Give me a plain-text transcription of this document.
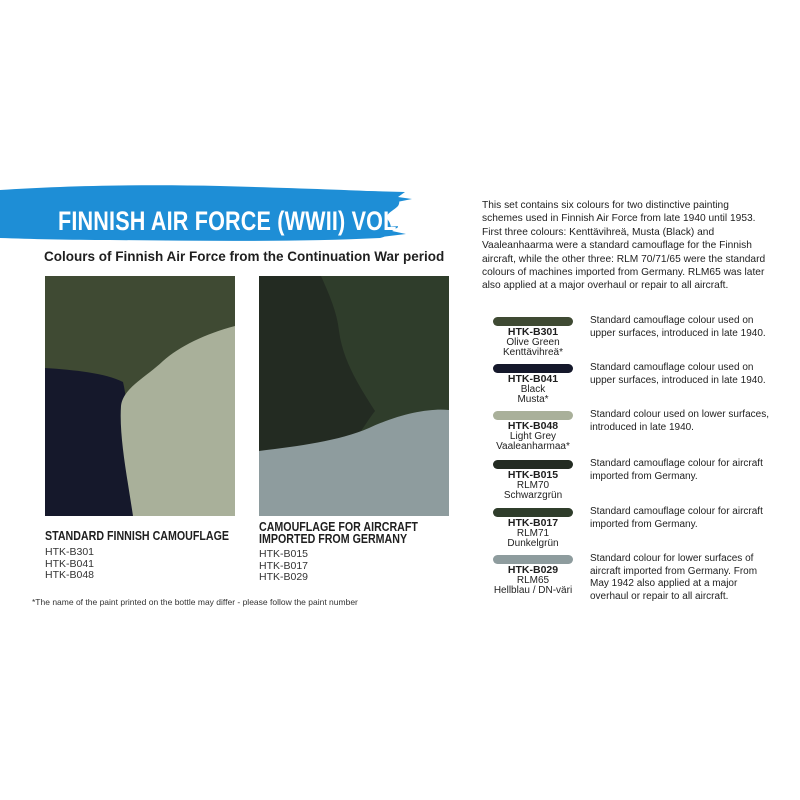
FINNISH AIR FORCE (WWII) VOL.2

Colours of Finnish Air Force from the Continuation War period

STANDARD FINNISH CAMOUFLAGE

HTK-B301
HTK-B041
HTK-B048

CAMOUFLAGE FOR AIRCRAFT IMPORTED FROM GERMANY

HTK-B015
HTK-B017
HTK-B029

*The name of the paint printed on the bottle may differ - please follow the paint number

This set contains six colours for two distinctive painting schemes used in Finnish Air Force from late 1940 until 1953. First three colours: Kenttävihreä, Musta (Black) and Vaaleanhaarma were a standard camouflage for the Finnish aircraft, while the other three: RLM 70/71/65 were the standard colours of machines imported from Germany. RLM65 was later also applied at a major overhaul or repair to all aircraft.

HTK-B301
Olive Green
Kenttävihreä*
Standard camouflage colour used on upper surfaces, introduced in late 1940.
HTK-B041
Black
Musta*
Standard camouflage colour used on upper surfaces, introduced in late 1940.
HTK-B048
Light Grey
Vaaleanharmaa*
Standard colour used on lower surfaces, introduced in late 1940.
HTK-B015
RLM70
Schwarzgrün
Standard camouflage colour for aircraft imported from Germany.
HTK-B017
RLM71
Dunkelgrün
Standard camouflage colour for aircraft imported from Germany.
HTK-B029
RLM65
Hellblau / DN-väri
Standard colour for lower surfaces of aircraft imported from Germany. From May 1942 also applied at a major overhaul or repair to all aircraft.
